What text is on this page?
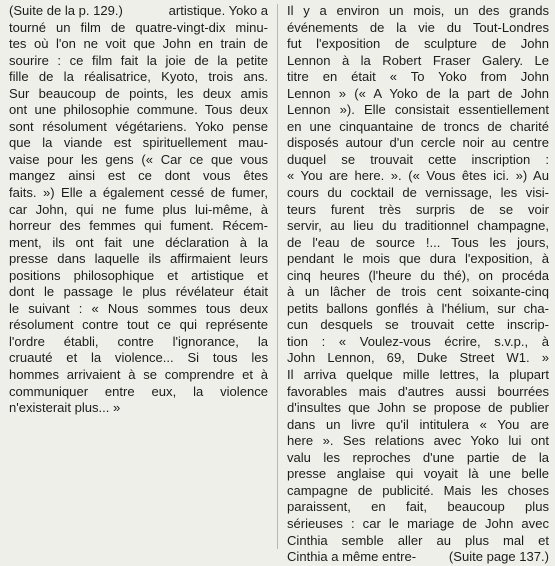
(Suite de la p. 129.)	artistique. Yoko a
tourné un film de quatre-vingt-dix minu-
tes où l'on ne voit que John en train de
sourire : ce film fait la joie de la petite
fille de la réalisatrice, Kyoto, trois ans.
Sur beaucoup de points, les deux amis
ont une philosophie commune. Tous deux
sont résolument végétariens. Yoko pense
que la viande est spirituellement mau-
vaise pour les gens (« Car ce que vous
mangez ainsi est ce dont vous êtes
faits. ») Elle a également cessé de fumer,
car John, qui ne fume plus lui-même, à
horreur des femmes qui fument. Récem-
ment, ils ont fait une déclaration à la
presse dans laquelle ils affirmaient leurs
positions philosophique et artistique et
dont le passage le plus révélateur était
le suivant : « Nous sommes tous deux
résolument contre tout ce qui représente
l'ordre établi, contre l'ignorance, la
cruauté et la violence... Si tous les
hommes arrivaient à se comprendre et à
communiquer entre eux, la violence
n'existerait plus... »
Il y a environ un mois, un des grands
événements de la vie du Tout-Londres
fut l'exposition de sculpture de John
Lennon à la Robert Fraser Galery. Le
titre en était « To Yoko from John
Lennon » (« A Yoko de la part de John
Lennon »). Elle consistait essentiellement
en une cinquantaine de troncs de charité
disposés autour d'un cercle noir au centre
duquel se trouvait cette inscription :
« You are here. ». (« Vous êtes ici. ») Au
cours du cocktail de vernissage, les visi-
teurs furent très surpris de se voir
servir, au lieu du traditionnel champagne,
de l'eau de source !... Tous les jours,
pendant le mois que dura l'exposition, à
cinq heures (l'heure du thé), on procéda
à un lâcher de trois cent soixante-cinq
petits ballons gonflés à l'hélium, sur cha-
cun desquels se trouvait cette inscrip-
tion : « Voulez-vous écrire, s.v.p., à
John Lennon, 69, Duke Street W1. »
Il arriva quelque mille lettres, la plupart
favorables mais d'autres aussi bourrées
d'insultes que John se propose de publier
dans un livre qu'il intitulera « You are
here ». Ses relations avec Yoko lui ont
valu les reproches d'une partie de la
presse anglaise qui voyait là une belle
campagne de publicité. Mais les choses
paraissent, en fait, beaucoup plus
sérieuses : car le mariage de John avec
Cinthia semble aller au plus mal et
Cinthia a même entre-	(Suite page 137.)
